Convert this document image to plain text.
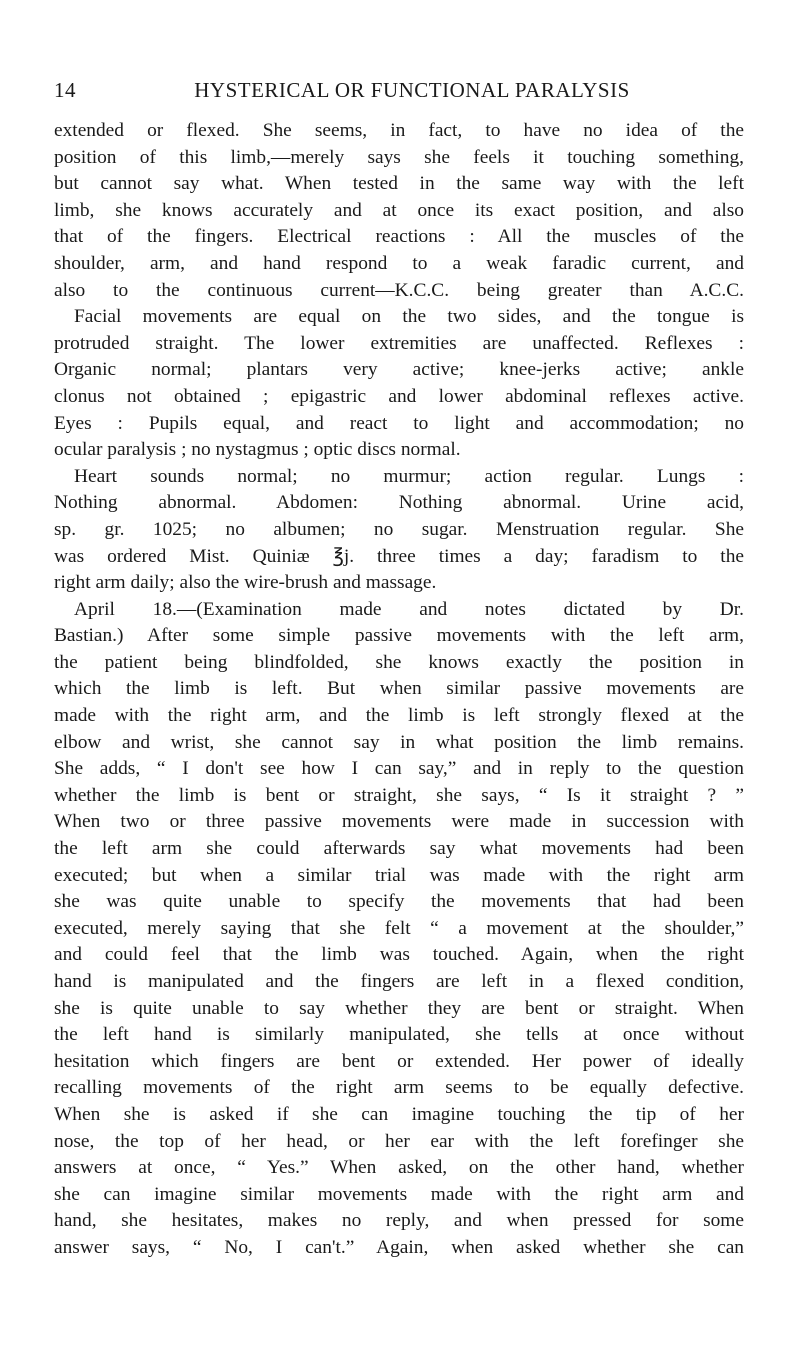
14	HYSTERICAL OR FUNCTIONAL PARALYSIS
extended or flexed. She seems, in fact, to have no idea of the
position of this limb,—merely says she feels it touching something,
but cannot say what. When tested in the same way with the left
limb, she knows accurately and at once its exact position, and also
that of the fingers. Electrical reactions : All the muscles of the
shoulder, arm, and hand respond to a weak faradic current, and
also to the continuous current—K.C.C. being greater than A.C.C.
Facial movements are equal on the two sides, and the tongue is
protruded straight. The lower extremities are unaffected. Reflexes :
Organic normal; plantars very active; knee-jerks active; ankle
clonus not obtained ; epigastric and lower abdominal reflexes active.
Eyes : Pupils equal, and react to light and accommodation; no
ocular paralysis ; no nystagmus ; optic discs normal.
Heart sounds normal; no murmur; action regular. Lungs :
Nothing abnormal. Abdomen: Nothing abnormal. Urine acid,
sp. gr. 1025; no albumen; no sugar. Menstruation regular. She
was ordered Mist. Quiniæ ℥j. three times a day; faradism to the
right arm daily; also the wire-brush and massage.
April 18.—(Examination made and notes dictated by Dr.
Bastian.) After some simple passive movements with the left arm,
the patient being blindfolded, she knows exactly the position in
which the limb is left. But when similar passive movements are
made with the right arm, and the limb is left strongly flexed at the
elbow and wrist, she cannot say in what position the limb remains.
She adds, “ I don't see how I can say,” and in reply to the question
whether the limb is bent or straight, she says, “ Is it straight ? ”
When two or three passive movements were made in succession with
the left arm she could afterwards say what movements had been
executed; but when a similar trial was made with the right arm
she was quite unable to specify the movements that had been
executed, merely saying that she felt “ a movement at the shoulder,”
and could feel that the limb was touched. Again, when the right
hand is manipulated and the fingers are left in a flexed condition,
she is quite unable to say whether they are bent or straight. When
the left hand is similarly manipulated, she tells at once without
hesitation which fingers are bent or extended. Her power of ideally
recalling movements of the right arm seems to be equally defective.
When she is asked if she can imagine touching the tip of her
nose, the top of her head, or her ear with the left forefinger she
answers at once, “ Yes.” When asked, on the other hand, whether
she can imagine similar movements made with the right arm and
hand, she hesitates, makes no reply, and when pressed for some
answer says, “ No, I can't.” Again, when asked whether she can
